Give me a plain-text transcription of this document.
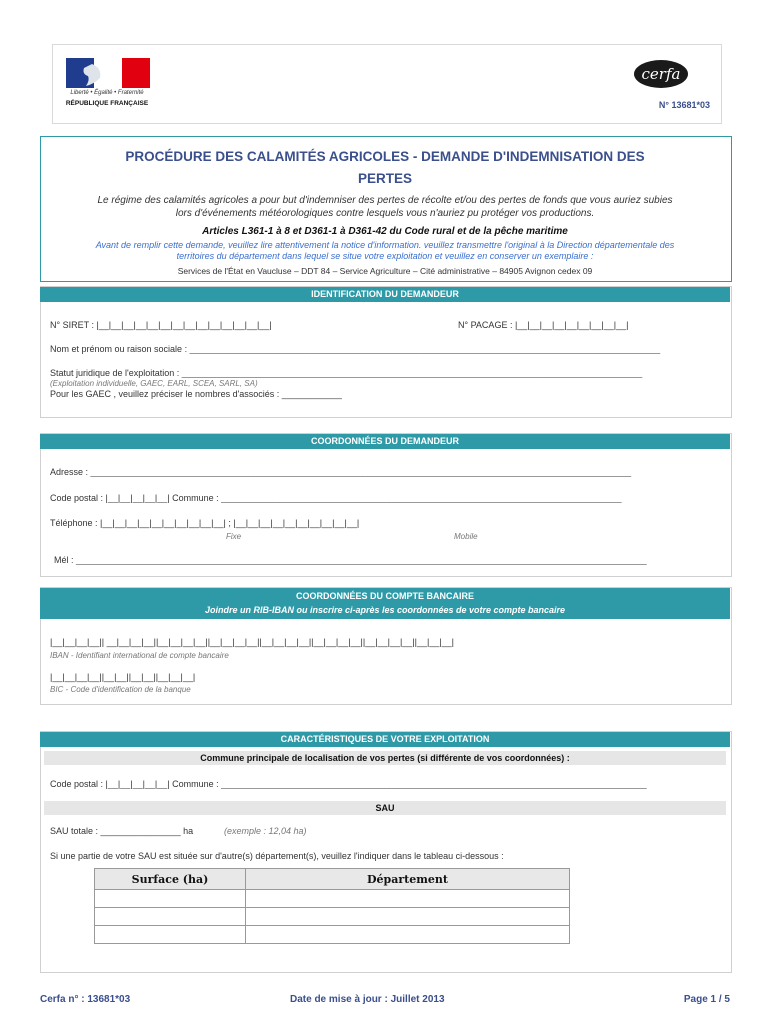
Liberté • Égalité • Fraternité
RÉPUBLIQUE FRANÇAISE
cerfa
N° 13681*03
PROCÉDURE DES CALAMITÉS AGRICOLES - DEMANDE D'INDEMNISATION DES
PERTES
Le régime des calamités agricoles a pour but d'indemniser des pertes de récolte et/ou des pertes de fonds que vous auriez subies
lors d'événements météorologiques contre lesquels vous n'auriez pu protéger vos productions.
Articles L361-1 à 8 et D361-1 à D361-42 du Code rural et de la pêche maritime
Avant de remplir cette demande, veuillez lire attentivement la notice d'information. veuillez transmettre l'original à la Direction départementale des
territoires du département dans lequel se situe votre exploitation et veuillez en conserver un exemplaire :
Services de l'État en Vaucluse – DDT 84 – Service Agriculture – Cité administrative – 84905 Avignon cedex 09
IDENTIFICATION DU DEMANDEUR
N° SIRET : |__|__|__|__|__|__|__|__|__|__|__|__|__|__|	N° PACAGE : |__|__|__|__|__|__|__|__|__|
Nom et prénom ou raison sociale : ______________________________________________________________________________________________
Statut juridique de l'exploitation : ____________________________________________________________________________________________
(Exploitation individuelle, GAEC, EARL, SCEA, SARL, SA)
Pour les GAEC , veuillez préciser le nombres d'associés : ____________
COORDONNÉES DU DEMANDEUR
Adresse : ____________________________________________________________________________________________________________
Code postal : |__|__|__|__|__| Commune : ________________________________________________________________________________
Téléphone : |__|__|__|__|__|__|__|__|__|__| ; |__|__|__|__|__|__|__|__|__|__|
Fixe	Mobile
Mél : __________________________________________________________________________________________________________________
COORDONNÉES DU COMPTE BANCAIRE
Joindre un RIB-IBAN ou inscrire ci-après les coordonnées de votre compte bancaire
|__|__|__|__|| __|__|__|__||__|__|__|__||__|__|__|__||__|__|__|__||__|__|__|__||__|__|__|__||__|__|__|
IBAN - Identifiant international de compte bancaire
|__|__|__|__||__|__||__|__||__|__|__|
BIC - Code d'identification de la banque
CARACTÉRISTIQUES DE VOTRE EXPLOITATION
Commune principale de localisation de vos pertes (si différente de vos coordonnées) :
Code postal : |__|__|__|__|__| Commune : _____________________________________________________________________________________
SAU
SAU totale : ________________ ha	(exemple : 12,04 ha)
Si une partie de votre SAU est située sur d'autre(s) département(s), veuillez l'indiquer dans le tableau ci-dessous :
Surface (ha)	Département

Cerfa n° : 13681*03	Date de mise à jour : Juillet 2013	Page 1 / 5
